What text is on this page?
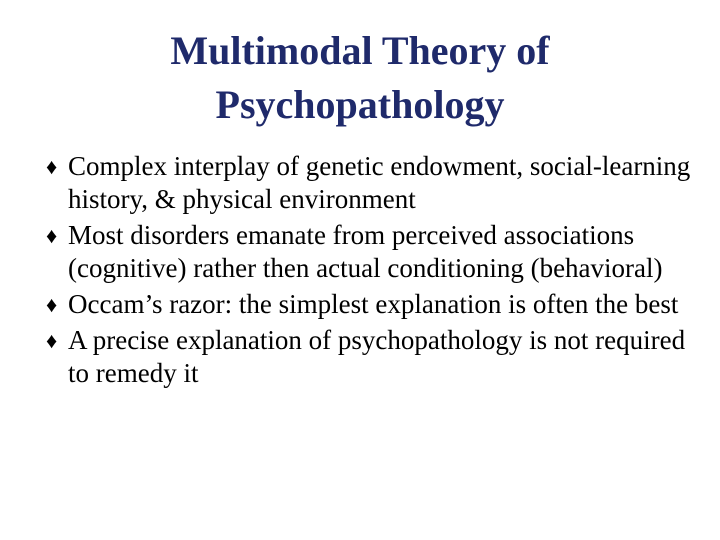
Multimodal Theory of Psychopathology
♦ Complex interplay of genetic endowment, social-learning history, & physical environment
♦ Most disorders emanate from perceived associations (cognitive) rather then actual conditioning (behavioral)
♦ Occam’s razor: the simplest explanation is often the best
♦ A precise explanation of psychopathology is not required to remedy it
